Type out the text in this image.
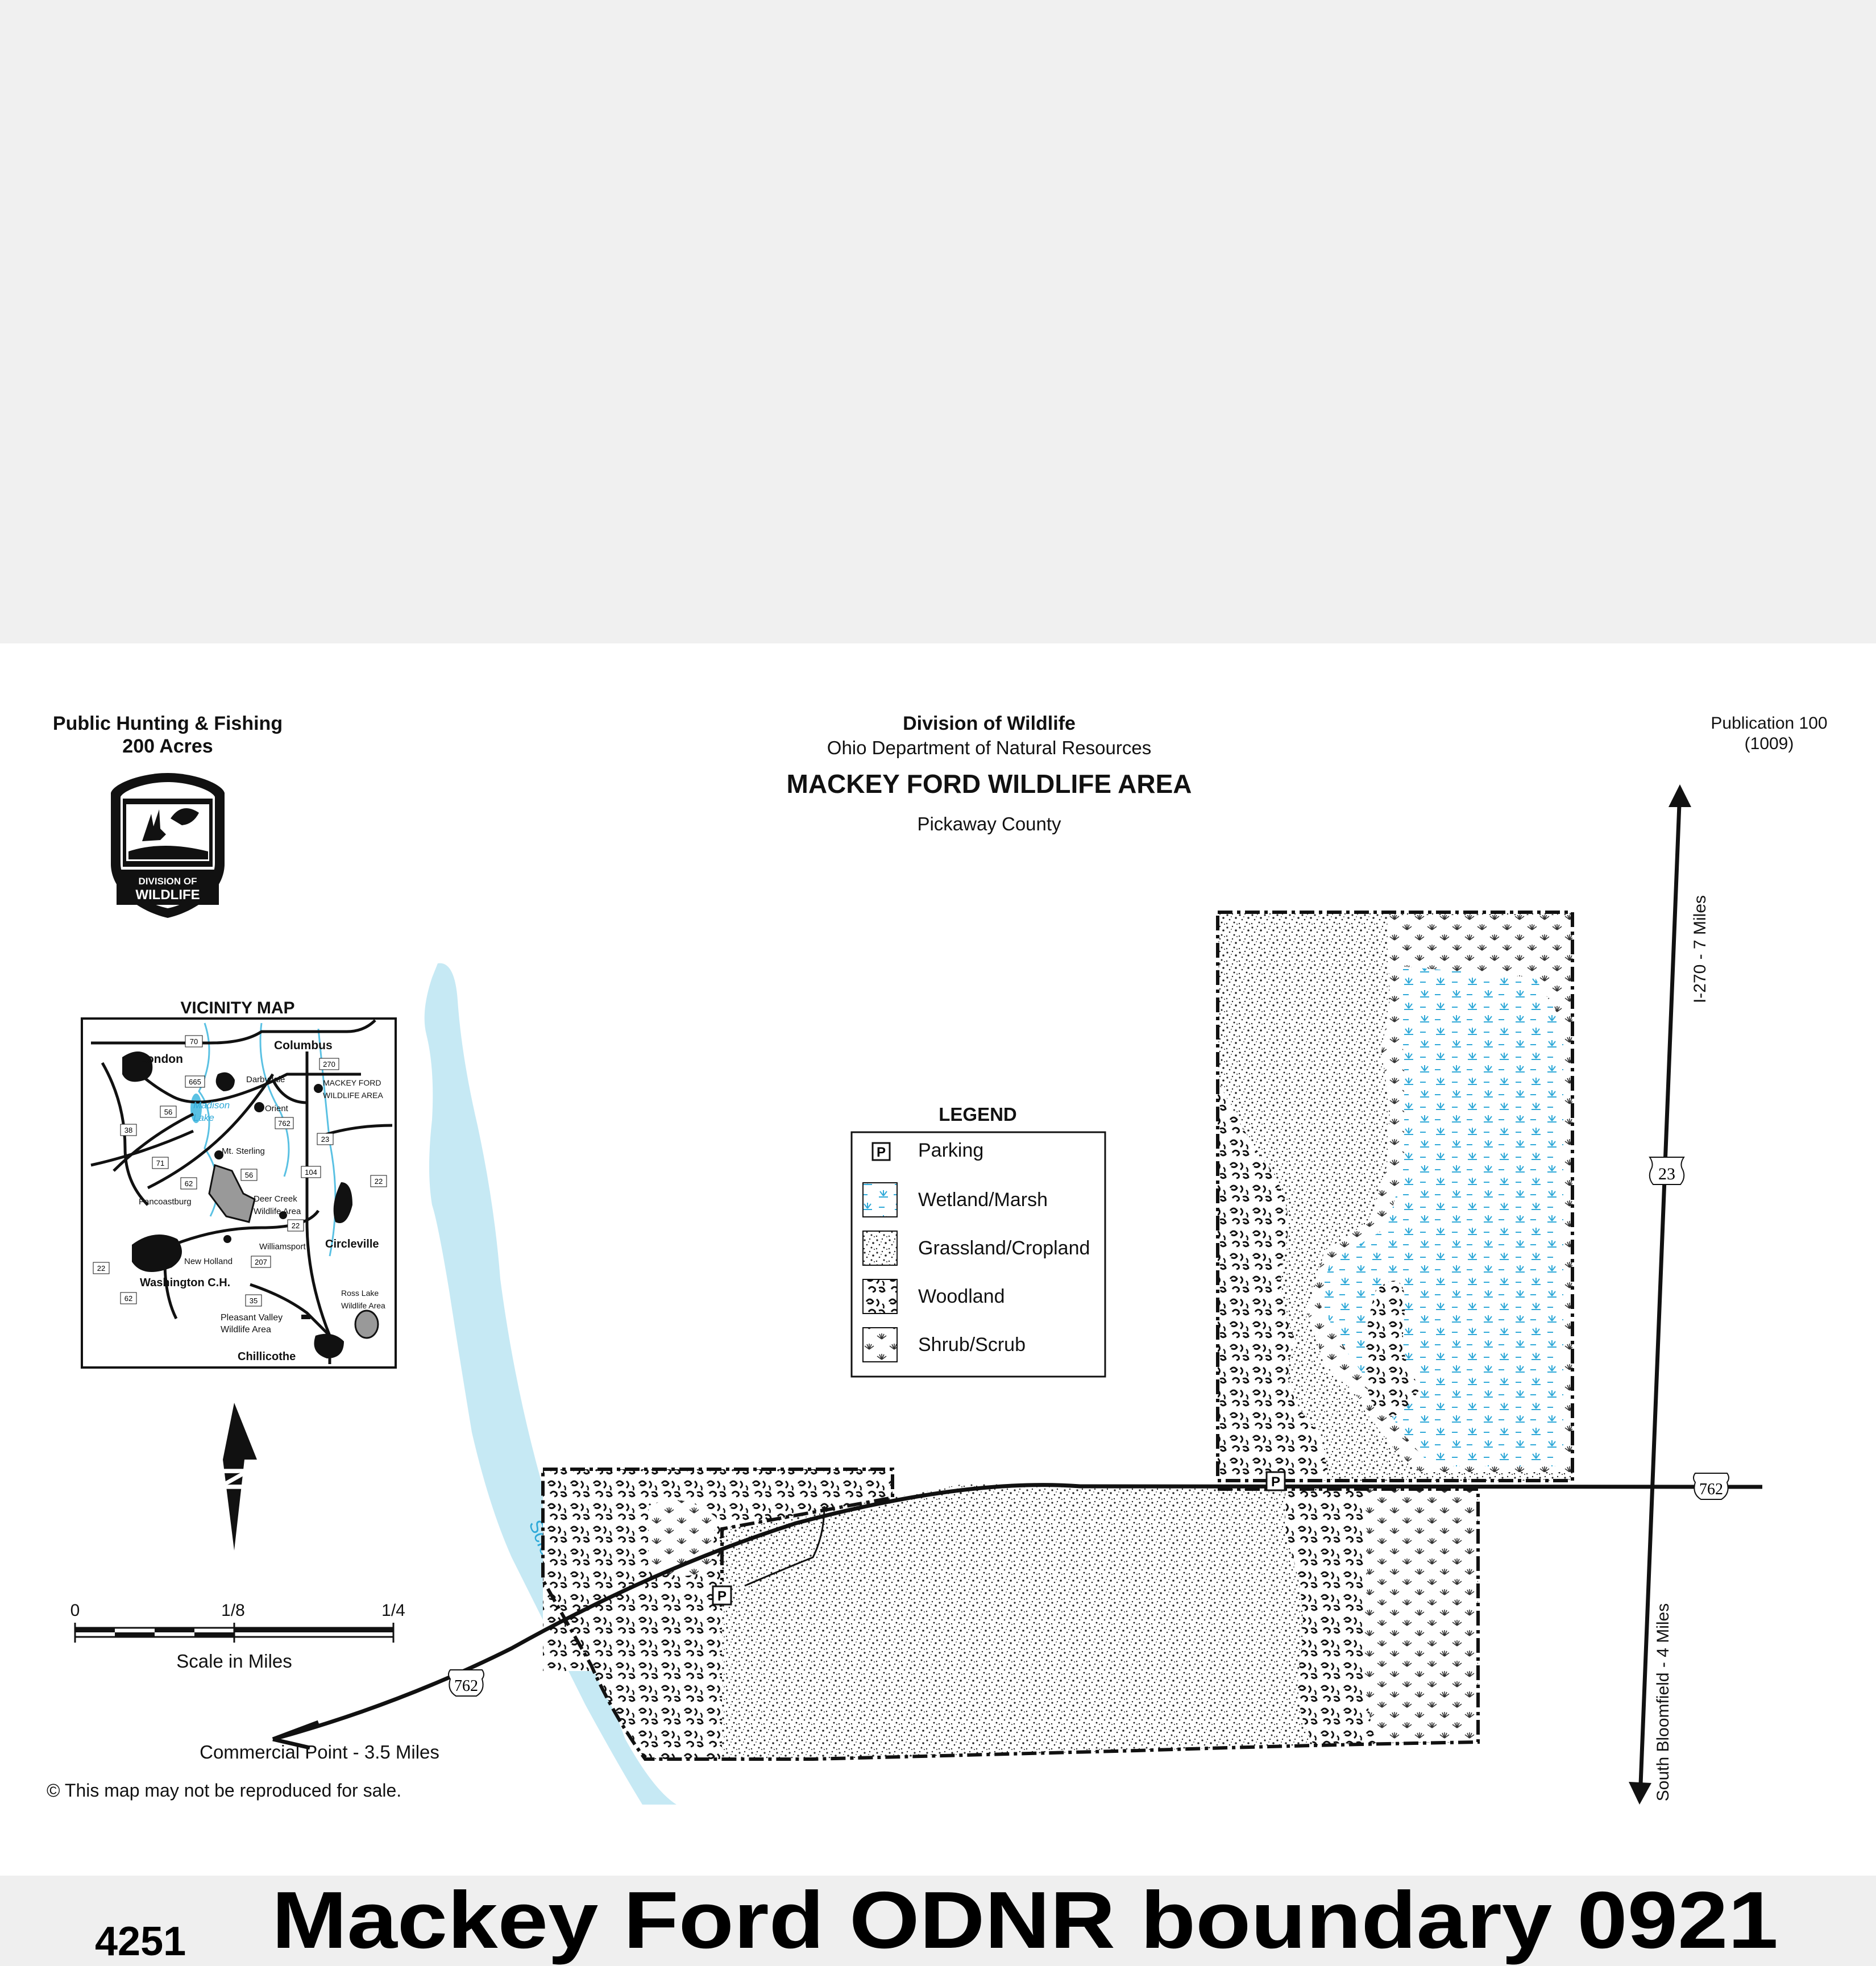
Public Hunting & Fishing
200 Acres
Division of Wildlife
Ohio Department of Natural Resources
MACKEY FORD WILDLIFE AREA
Pickaway County
Publication 100
(1009)
OHIO
DIVISION OF
WILDLIFE
VICINITY MAP
70
270
665
56
762
38
71
23
62
56	104
22
22
207
22
62	35
London
Columbus
Darbydale
Orient
Mt. Sterling
Pancoastburg
New Holland
Williamsport Circleville
Washington C.H.
Chillicothe
MACKEY FORD
WILDLIFE AREA
Deer Creek
Wildlife Area
Pleasant Valley
Wildlife Area
Ross Lake
Wildlife Area
Madison
Lake
N
0	1/8	1/4
Scale in Miles
LEGEND
P Parking
Wetland/Marsh
Grassland/Cropland
Woodland
Shrub/Scrub
762
762
23
P
P
I-270 - 7 Miles
South Bloomfield - 4 Miles
Commercial Point - 3.5 Miles
© This map may not be reproduced for sale.
4251 Mackey Ford ODNR boundary 0921
